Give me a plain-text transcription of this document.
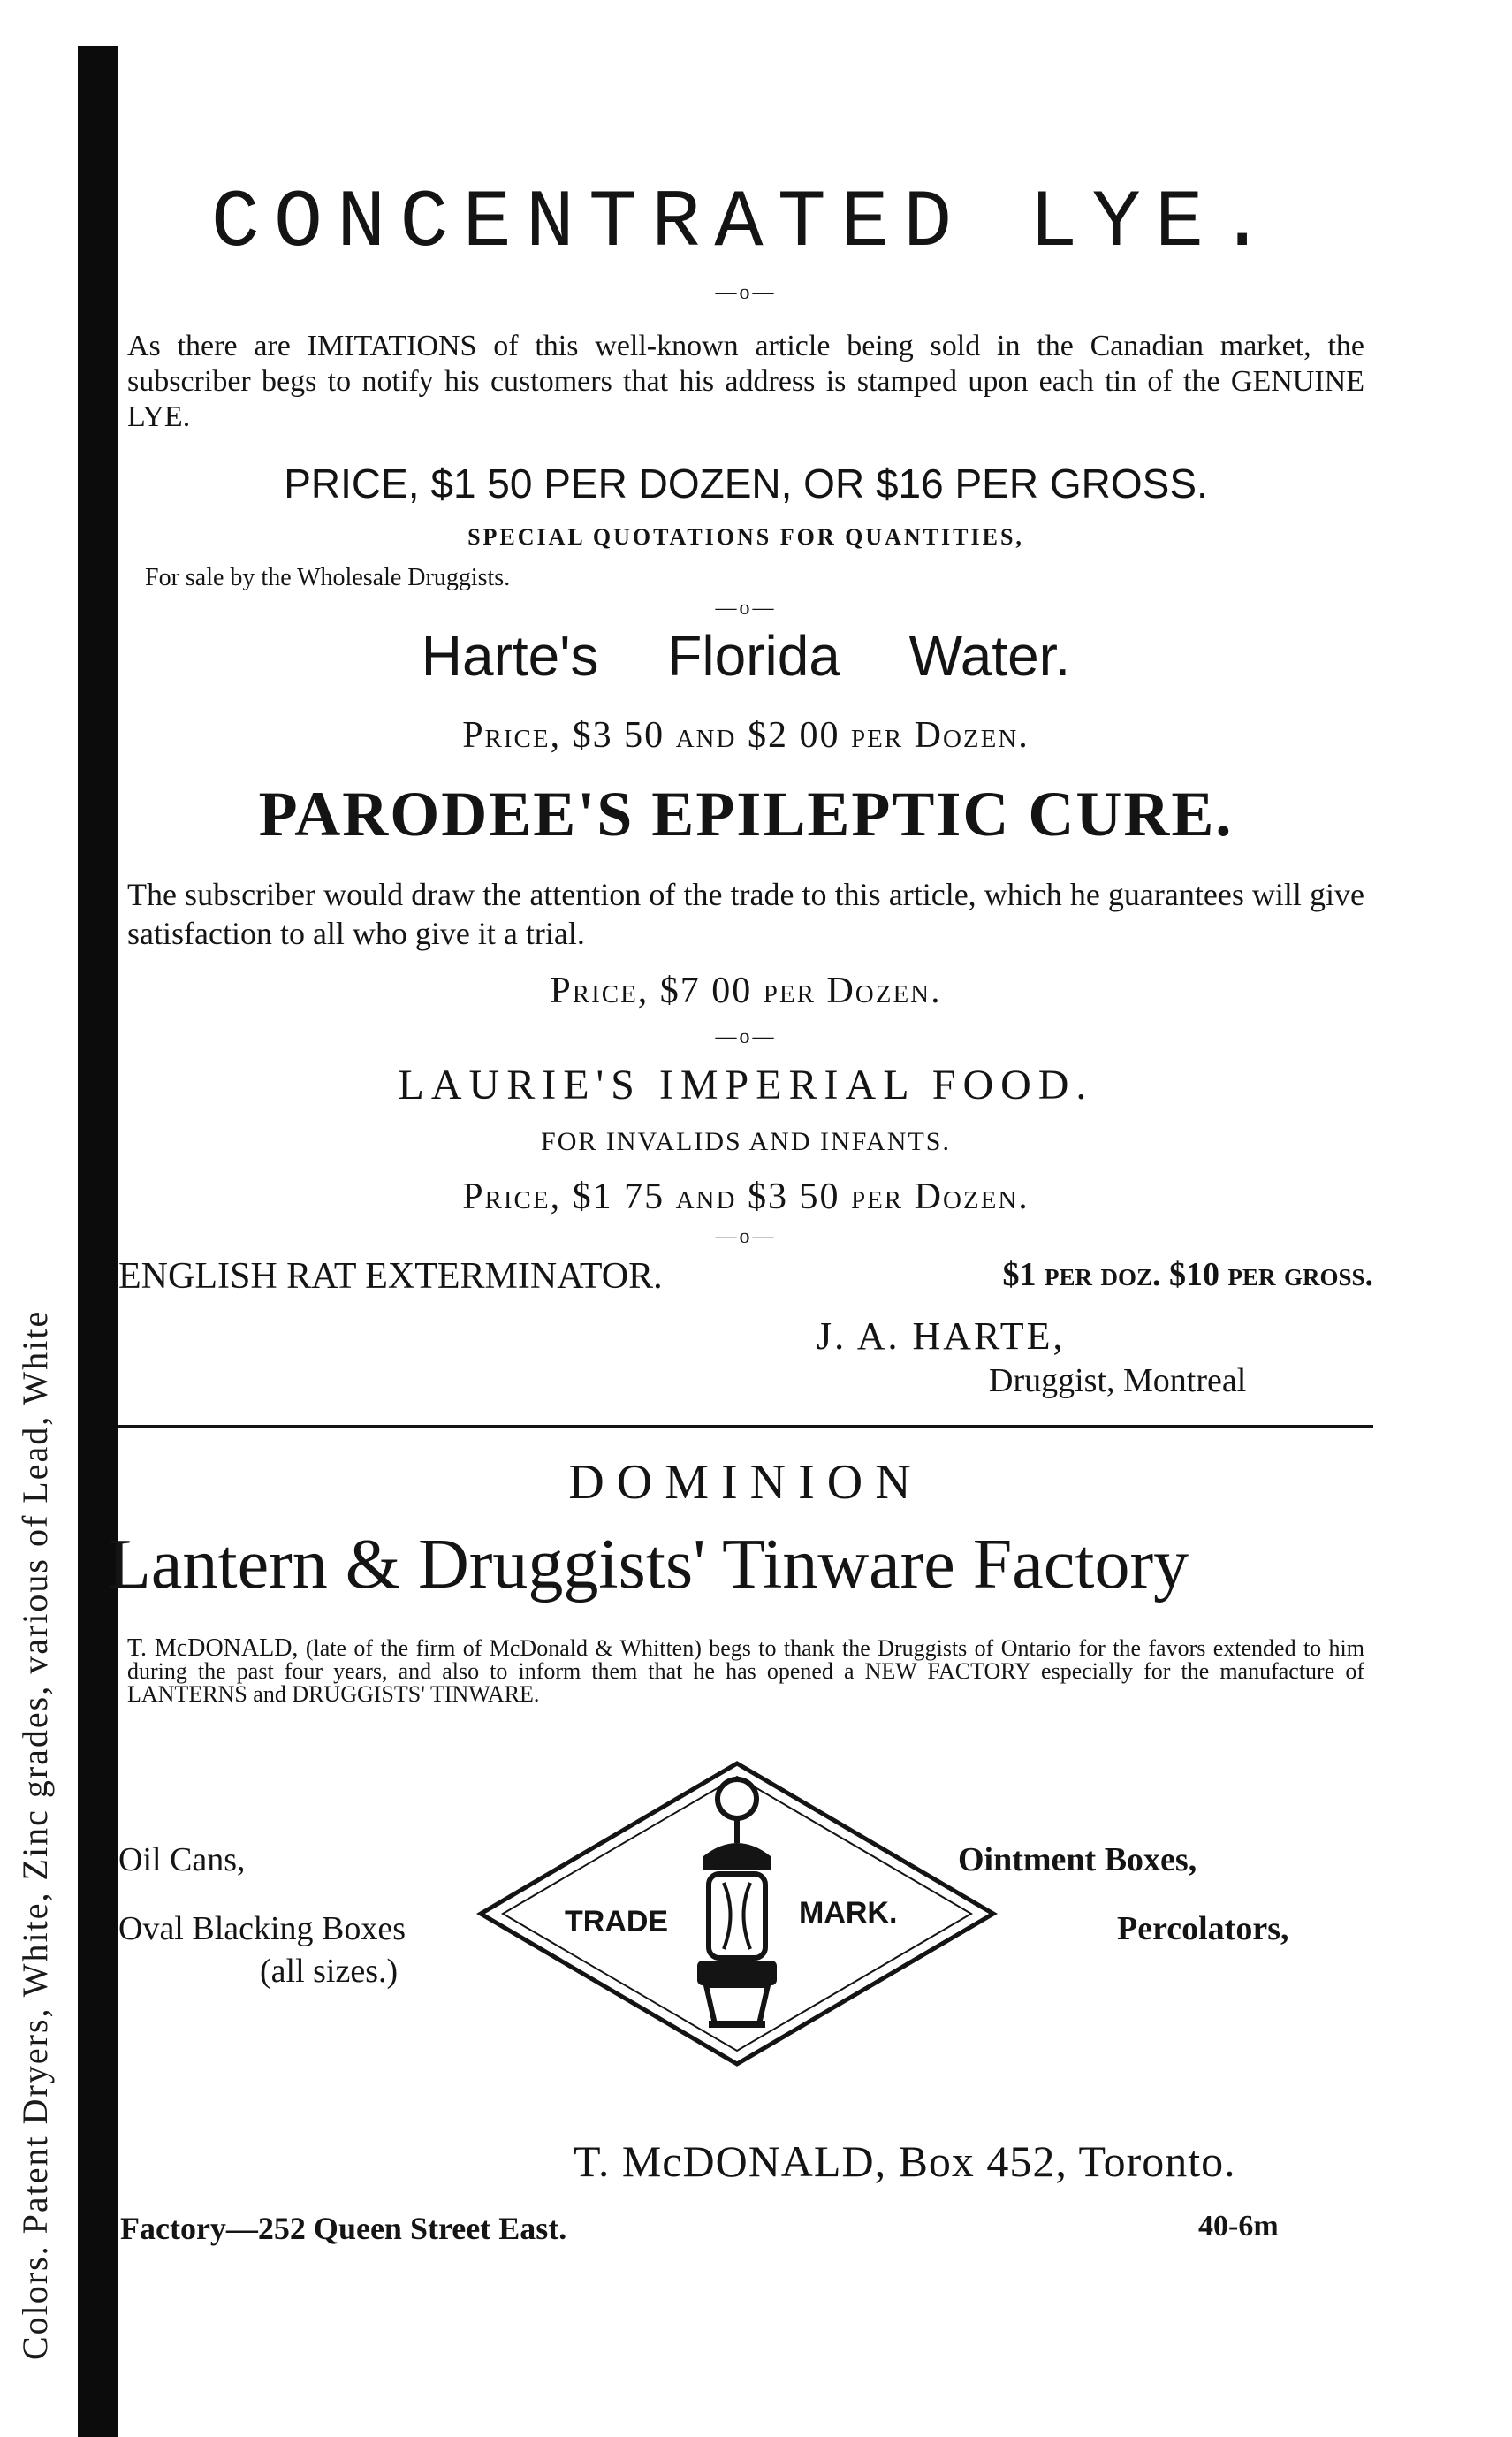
Colors. Patent Dryers, White, Zinc grades, various of Lead, White
CONCENTRATED LYE.
—o—
As there are IMITATIONS of this well-known article being sold in the Canadian market, the subscriber begs to notify his customers that his address is stamped upon each tin of the GENUINE LYE.
PRICE, $1 50 PER DOZEN, OR $16 PER GROSS.
SPECIAL QUOTATIONS FOR QUANTITIES,
For sale by the Wholesale Druggists.
—o—
Harte's Florida Water.
Price, $3 50 and $2 00 per Dozen.
PARODEE'S EPILEPTIC CURE.
The subscriber would draw the attention of the trade to this article, which he guarantees will give satisfaction to all who give it a trial.
Price, $7 00 per Dozen.
—o—
LAURIE'S IMPERIAL FOOD.
FOR INVALIDS AND INFANTS.
Price, $1 75 and $3 50 per Dozen.
—o—
ENGLISH RAT EXTERMINATOR.	$1 per doz. $10 per gross.
J. A. HARTE,
Druggist, Montreal
DOMINION
Lantern & Druggists' Tinware Factory
T. McDONALD, (late of the firm of McDonald & Whitten) begs to thank the Druggists of Ontario for the favors extended to him during the past four years, and also to inform them that he has opened a NEW FACTORY especially for the manufacture of LANTERNS and DRUGGISTS' TINWARE.
Oil Cans,
Oval Blacking Boxes
(all sizes.)
Ointment Boxes,
Percolators,
TRADE	MARK.
T. McDONALD, Box 452, Toronto.
Factory—252 Queen Street East.	40-6m
